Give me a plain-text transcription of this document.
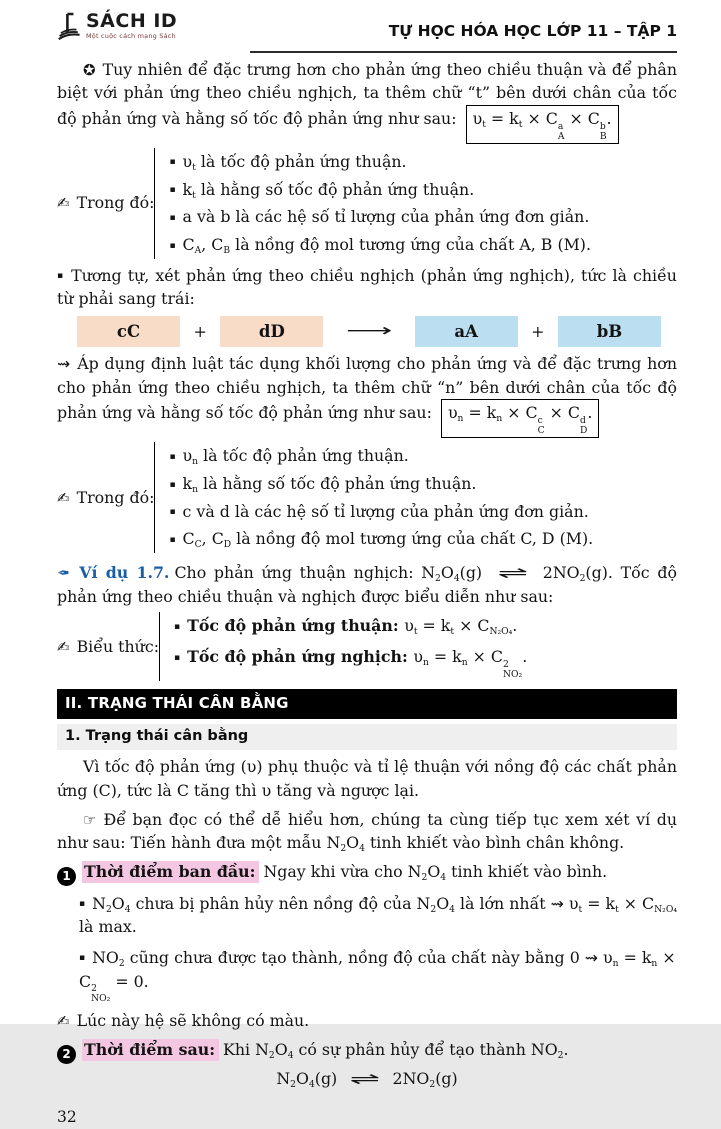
SÁCH ID
Một cuộc cách mạng Sách	TỰ HỌC HÓA HỌC LỚP 11 – TẬP 1

✪ Tuy nhiên để đặc trưng hơn cho phản ứng theo chiều thuận và để phân biệt với phản ứng theo chiều nghịch, ta thêm chữ “t” bên dưới chân của tốc độ phản ứng và hằng số tốc độ phản ứng như sau: $\upsilon_t = k_t \times C$ a
A
× C b
B
.

✍ Trong đó:
▪ $\upsilon_t$ là tốc độ phản ứng thuận.
▪ $k_t$ là hằng số tốc độ phản ứng thuận.
▪ a và b là các hệ số tỉ lượng của phản ứng đơn giản.
▪ $C_A$, $C_B$ là nồng độ mol tương ứng của chất A, B (M).

▪ Tương tự, xét phản ứng theo chiều nghịch (phản ứng nghịch), tức là chiều từ phải sang trái:

cC	+	dD	⟶	aA	+	bB

⇝ Áp dụng định luật tác dụng khối lượng cho phản ứng và để đặc trưng hơn cho phản ứng theo chiều nghịch, ta thêm chữ “n” bên dưới chân của tốc độ phản ứng và hằng số tốc độ phản ứng như sau: $\upsilon_n = k_n \times C$ c
C
× C d
D
.

✍ Trong đó:
▪ $\upsilon_n$ là tốc độ phản ứng thuận.
▪ $k_n$ là hằng số tốc độ phản ứng thuận.
▪ c và d là các hệ số tỉ lượng của phản ứng đơn giản.
▪ $C_C$, $C_D$ là nồng độ mol tương ứng của chất C, D (M).

✒ Ví dụ 1.7. Cho phản ứng thuận nghịch: $N_2O_4(g)$ ⇌ $2NO_2(g)$. Tốc độ phản ứng theo chiều thuận và nghịch được biểu diễn như sau:

✍ Biểu thức:
▪ Tốc độ phản ứng thuận: $\upsilon_t = k_t \times C_{N_2O_4}$.
▪ Tốc độ phản ứng nghịch: $\upsilon_n = k_n \times C$ 2
NO₂
.
II. TRẠNG THÁI CÂN BẰNG
1. Trạng thái cân bằng

Vì tốc độ phản ứng (υ) phụ thuộc và tỉ lệ thuận với nồng độ các chất phản ứng (C), tức là C tăng thì υ tăng và ngược lại.

☞ Để bạn đọc có thể dễ hiểu hơn, chúng ta cùng tiếp tục xem xét ví dụ như sau: Tiến hành đưa một mẫu $N_2O_4$ tinh khiết vào bình chân không.

1 Thời điểm ban đầu: Ngay khi vừa cho $N_2O_4$ tinh khiết vào bình.

▪ $N_2O_4$ chưa bị phân hủy nên nồng độ của $N_2O_4$ là lớn nhất ⇝ $\upsilon_t = k_t \times C_{N_2O_4}$ là max.
▪ $NO_2$ cũng chưa được tạo thành, nồng độ của chất này bằng 0 ⇝ $\upsilon_n = k_n \times C$ 2
NO₂
= 0.

✍ Lúc này hệ sẽ không có màu.

2 Thời điểm sau: Khi $N_2O_4$ có sự phân hủy để tạo thành $NO_2$.

$N_2O_4(g)$ ⇌ $2NO_2(g)$

32
